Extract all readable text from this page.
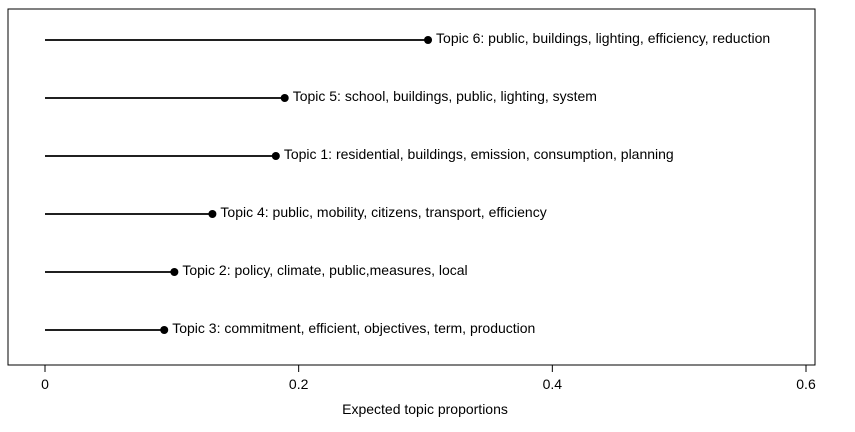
0	0.2	0.4	0.6
Topic 6: public, buildings, lighting, efficiency, reduction
Topic 5: school, buildings, public, lighting, system
Topic 1: residential, buildings, emission, consumption, planning
Topic 4: public, mobility, citizens, transport, efficiency
Topic 2: policy, climate, public,measures, local
Topic 3: commitment, efficient, objectives, term, production
Expected topic proportions
